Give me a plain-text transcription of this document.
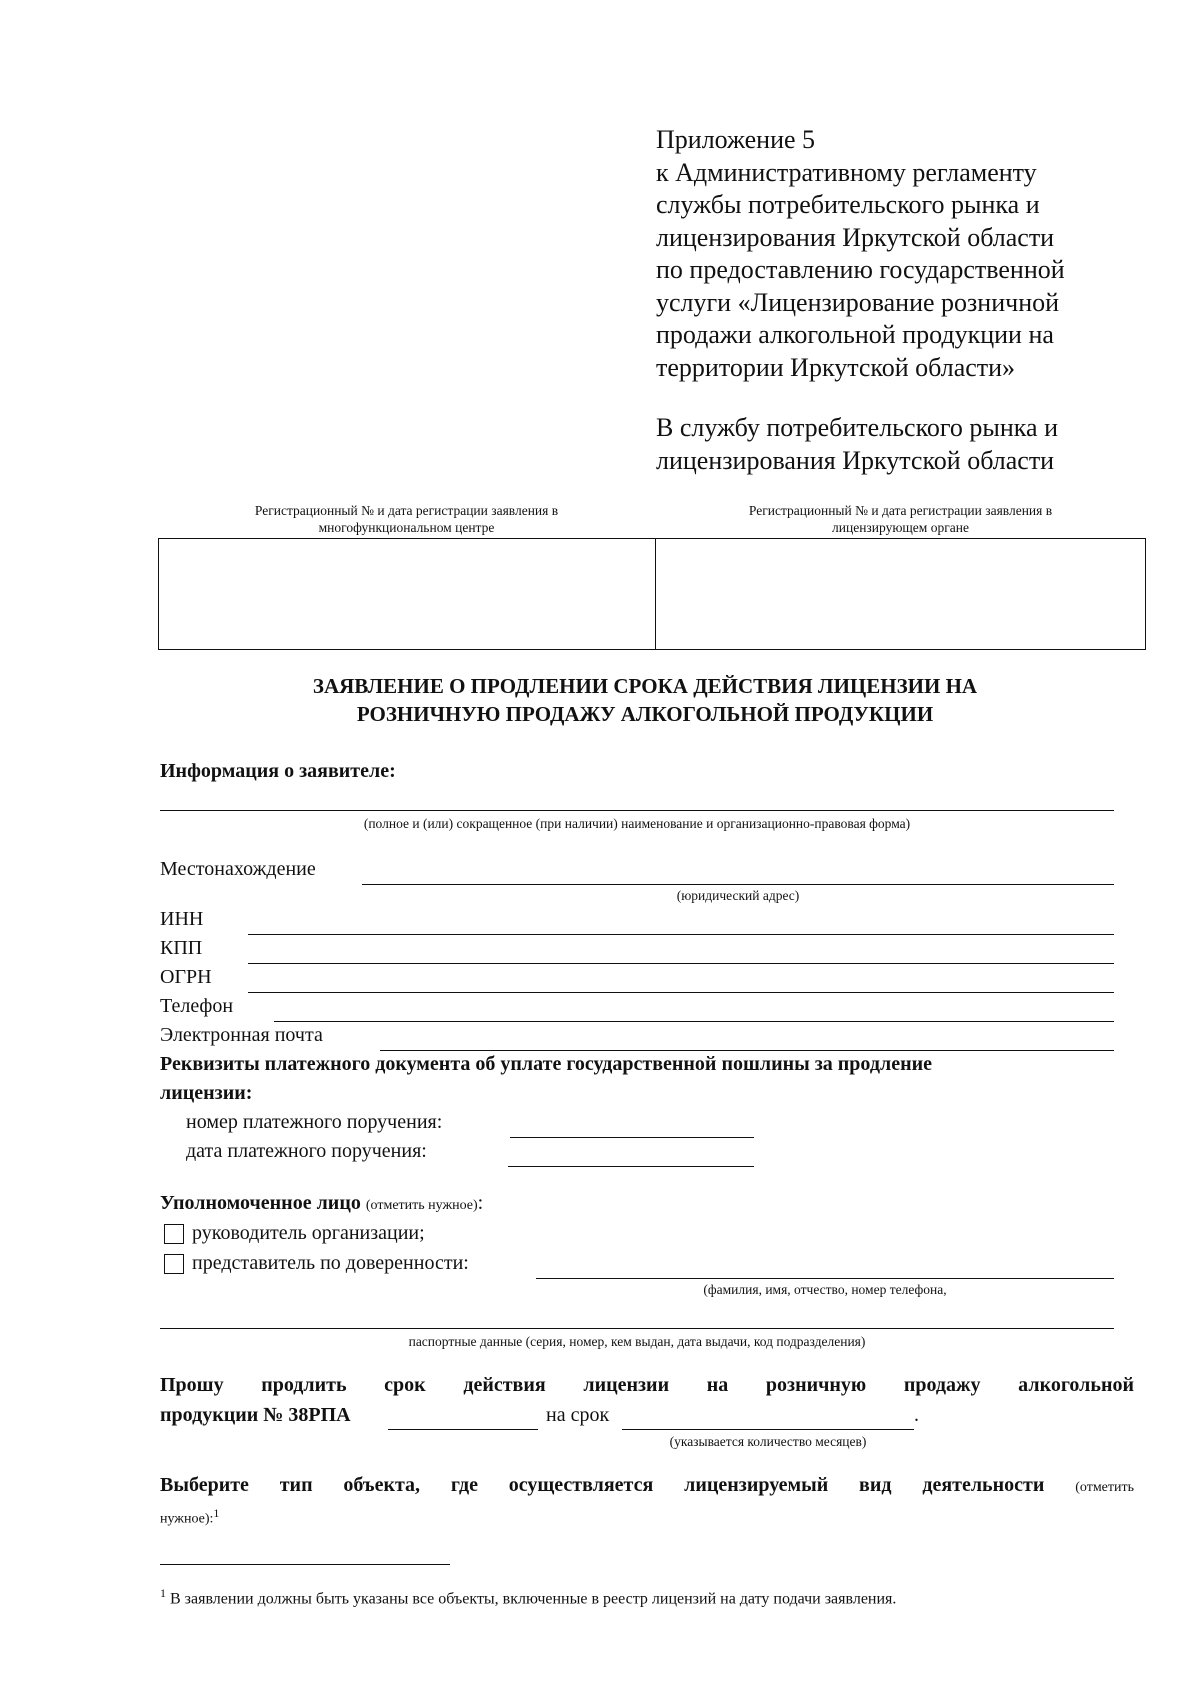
Приложение 5
к Административному регламенту
службы потребительского рынка и
лицензирования Иркутской области
по предоставлению государственной
услуги «Лицензирование розничной
продажи алкогольной продукции на
территории Иркутской области»
В службу потребительского рынка и
лицензирования Иркутской области
Регистрационный № и дата регистрации заявления в
многофункциональном центре
Регистрационный № и дата регистрации заявления в
лицензирующем органе
ЗАЯВЛЕНИЕ О ПРОДЛЕНИИ СРОКА ДЕЙСТВИЯ ЛИЦЕНЗИИ НА
РОЗНИЧНУЮ ПРОДАЖУ АЛКОГОЛЬНОЙ ПРОДУКЦИИ
Информация о заявителе:
(полное и (или) сокращенное (при наличии) наименование и организационно-правовая форма)
Местонахождение
(юридический адрес)
ИНН
КПП
ОГРН
Телефон
Электронная почта
Реквизиты платежного документа об уплате государственной пошлины за продление
лицензии:
номер платежного поручения:
дата платежного поручения:
Уполномоченное лицо (отметить нужное):
руководитель организации;
представитель по доверенности:
(фамилия, имя, отчество, номер телефона,
паспортные данные (серия, номер, кем выдан, дата выдачи, код подразделения)
Прошу продлить срок действия лицензии на розничную продажу алкогольной
продукции № 38РПА	на срок	.
(указывается количество месяцев)
Выберите тип объекта, где осуществляется лицензируемый вид деятельности (отметить
нужное):$^1$
$^1$ В заявлении должны быть указаны все объекты, включенные в реестр лицензий на дату подачи заявления.
